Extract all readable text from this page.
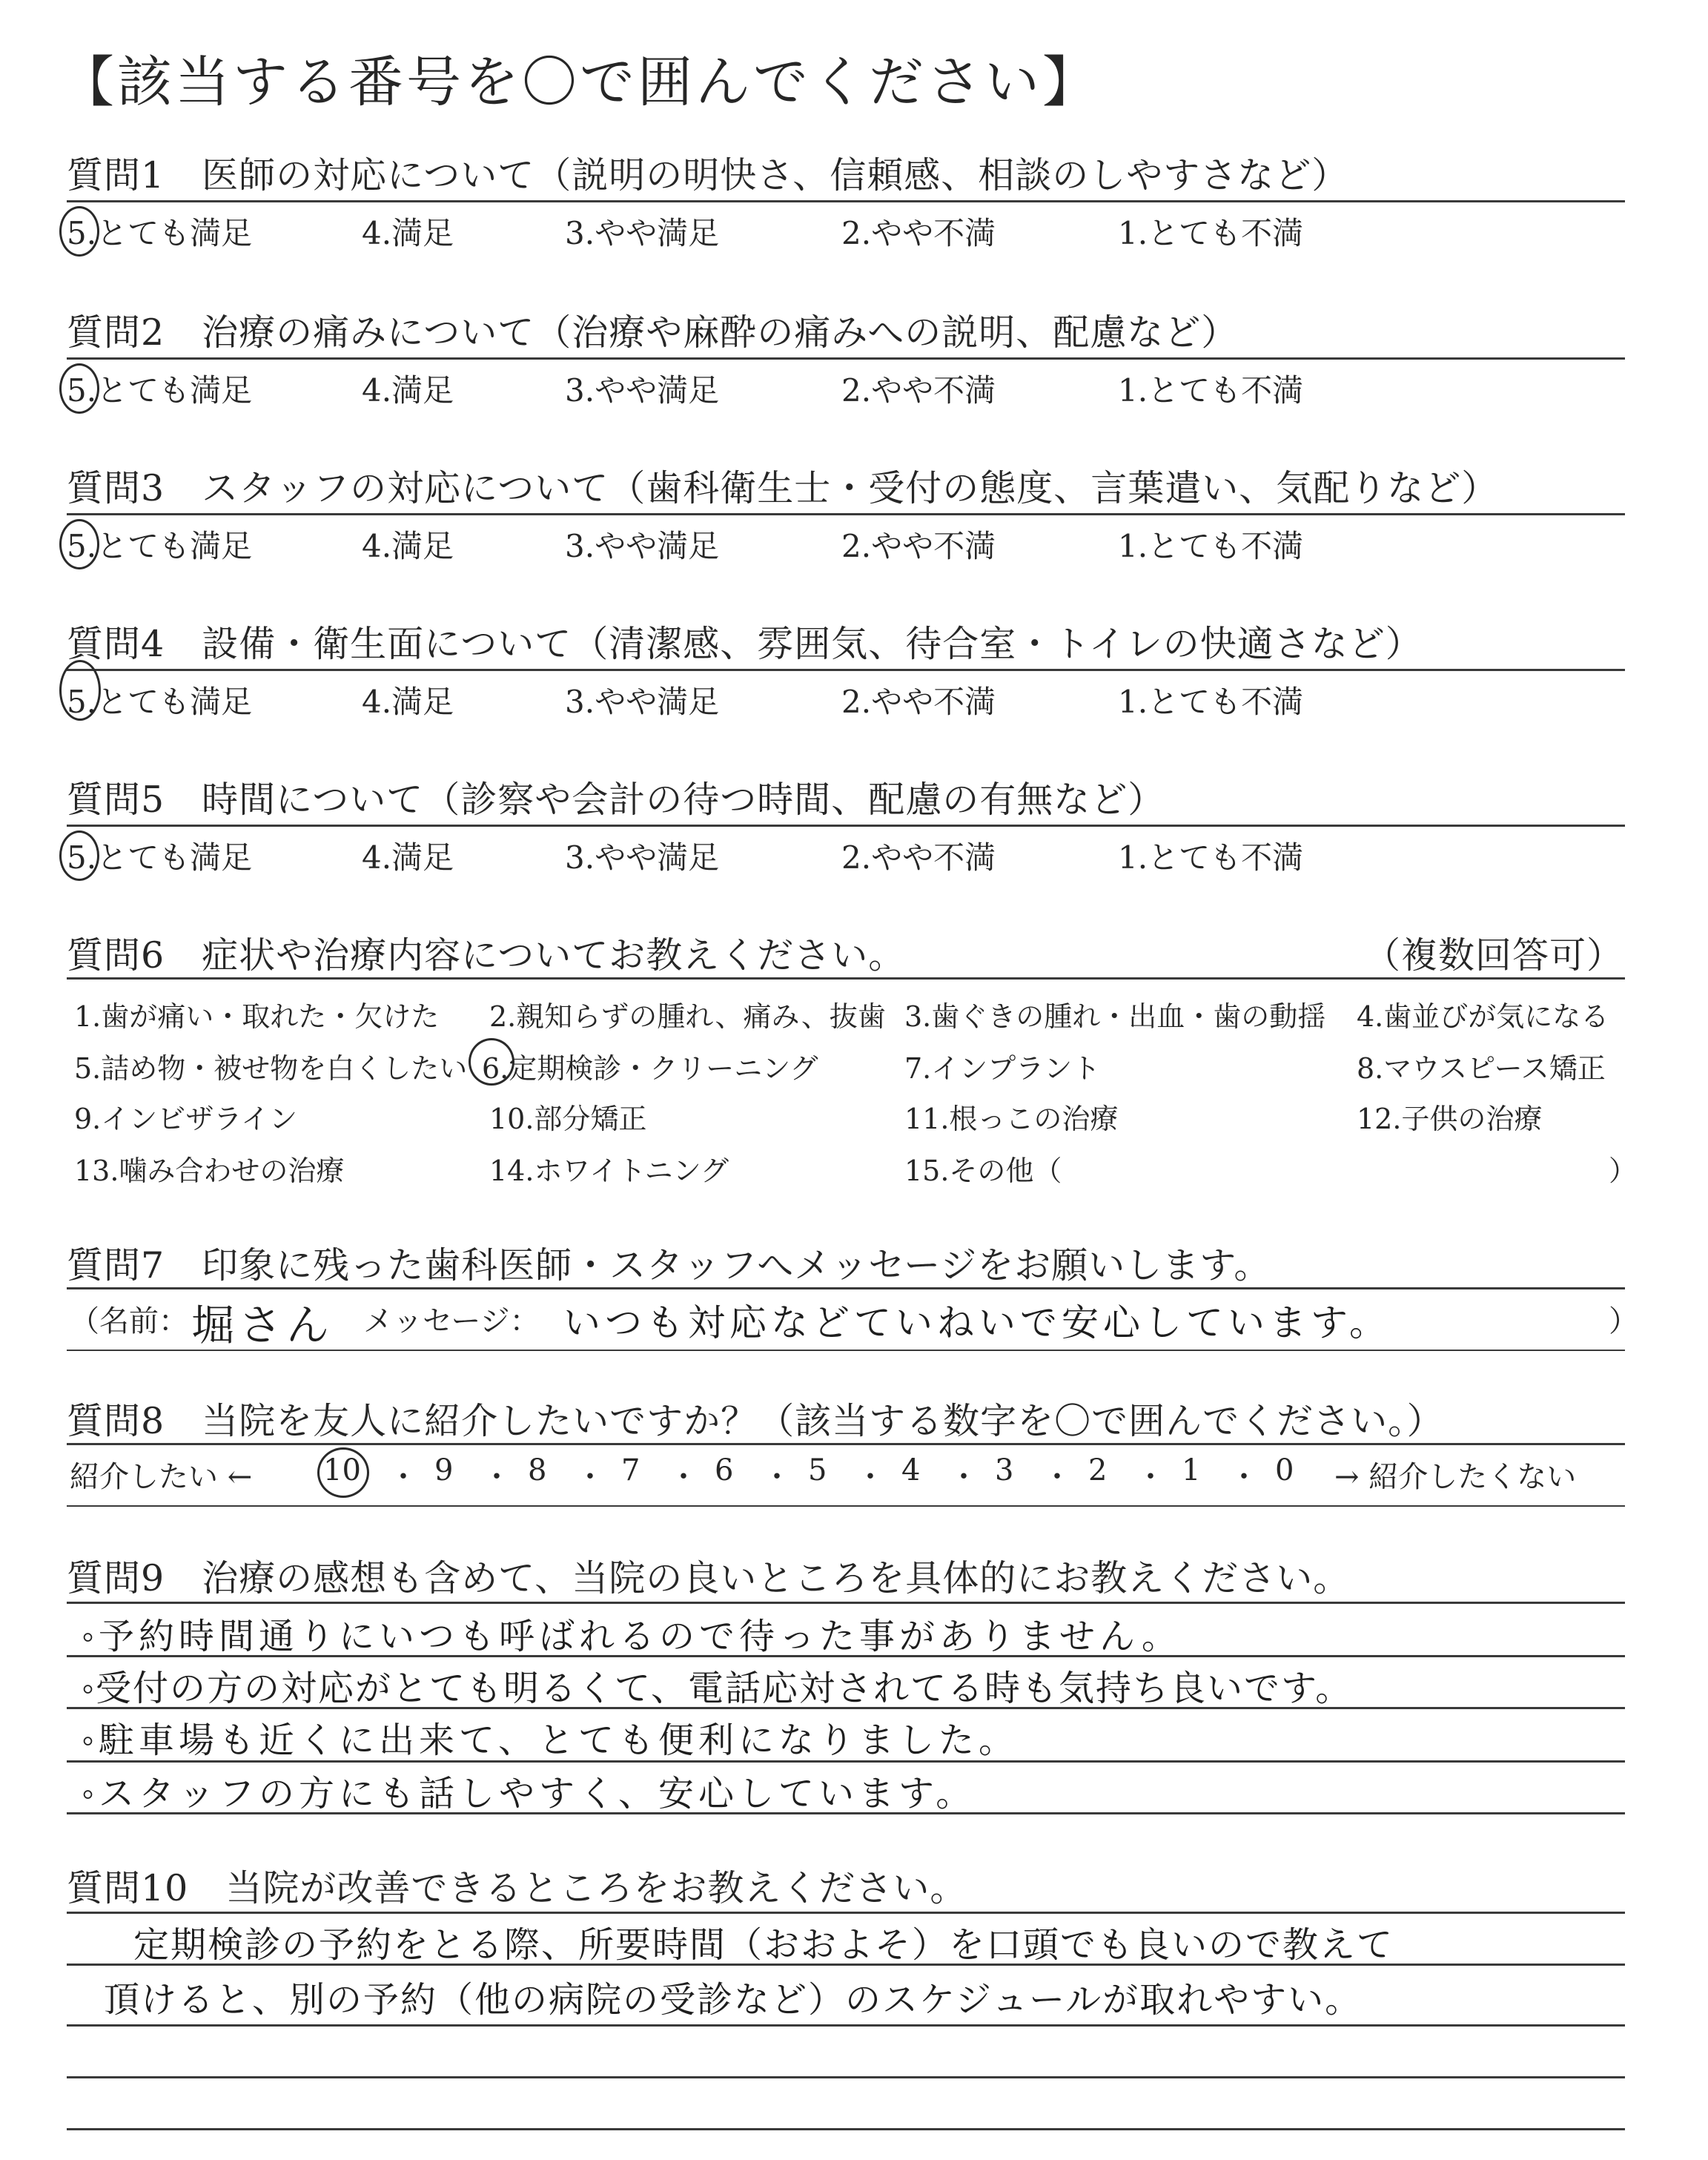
【該当する番号を〇で囲んでください】
質問1　医師の対応について（説明の明快さ、信頼感、相談のしやすさなど）
5.とても満足	4.満足	3.やや満足	2.やや不満	1.とても不満
質問2　治療の痛みについて（治療や麻酔の痛みへの説明、配慮など）
5.とても満足	4.満足	3.やや満足	2.やや不満	1.とても不満
質問3　スタッフの対応について（歯科衛生士・受付の態度、言葉遣い、気配りなど）
5.とても満足	4.満足	3.やや満足	2.やや不満	1.とても不満
質問4　設備・衛生面について（清潔感、雰囲気、待合室・トイレの快適さなど）
5.とても満足	4.満足	3.やや満足	2.やや不満	1.とても不満
質問5　時間について（診察や会計の待つ時間、配慮の有無など）
5.とても満足	4.満足	3.やや満足	2.やや不満	1.とても不満
質問6　症状や治療内容についてお教えください。	（複数回答可）
1.歯が痛い・取れた・欠けた 2.親知らずの腫れ、痛み、抜歯 3.歯ぐきの腫れ・出血・歯の動揺 4.歯並びが気になる
5.詰め物・被せ物を白くしたい 6.定期検診・クリーニング	7.インプラント	8.マウスピース矯正
9.インビザライン	10.部分矯正	11.根っこの治療	12.子供の治療
13.噛み合わせの治療	14.ホワイトニング	15.その他（	）
質問7　印象に残った歯科医師・スタッフへメッセージをお願いします。
（名前： 堀さん メッセージ： いつも対応などていねいで安心しています。	）
質問8　当院を友人に紹介したいですか？（該当する数字を〇で囲んでください。）
紹介したい ← 10 ・ 9 ・ 8 ・ 7 ・ 6 ・ 5 ・ 4 ・ 3 ・ 2 ・ 1 ・ 0 → 紹介したくない
質問9　治療の感想も含めて、当院の良いところを具体的にお教えください。
◦予約時間通りにいつも呼ばれるので待った事がありません。
◦受付の方の対応がとても明るくて、電話応対されてる時も気持ち良いです。
◦駐車場も近くに出来て、とても便利になりました。
◦スタッフの方にも話しやすく、安心しています。
質問10　当院が改善できるところをお教えください。
定期検診の予約をとる際、所要時間（おおよそ）を口頭でも良いので教えて
頂けると、別の予約（他の病院の受診など）のスケジュールが取れやすい。
